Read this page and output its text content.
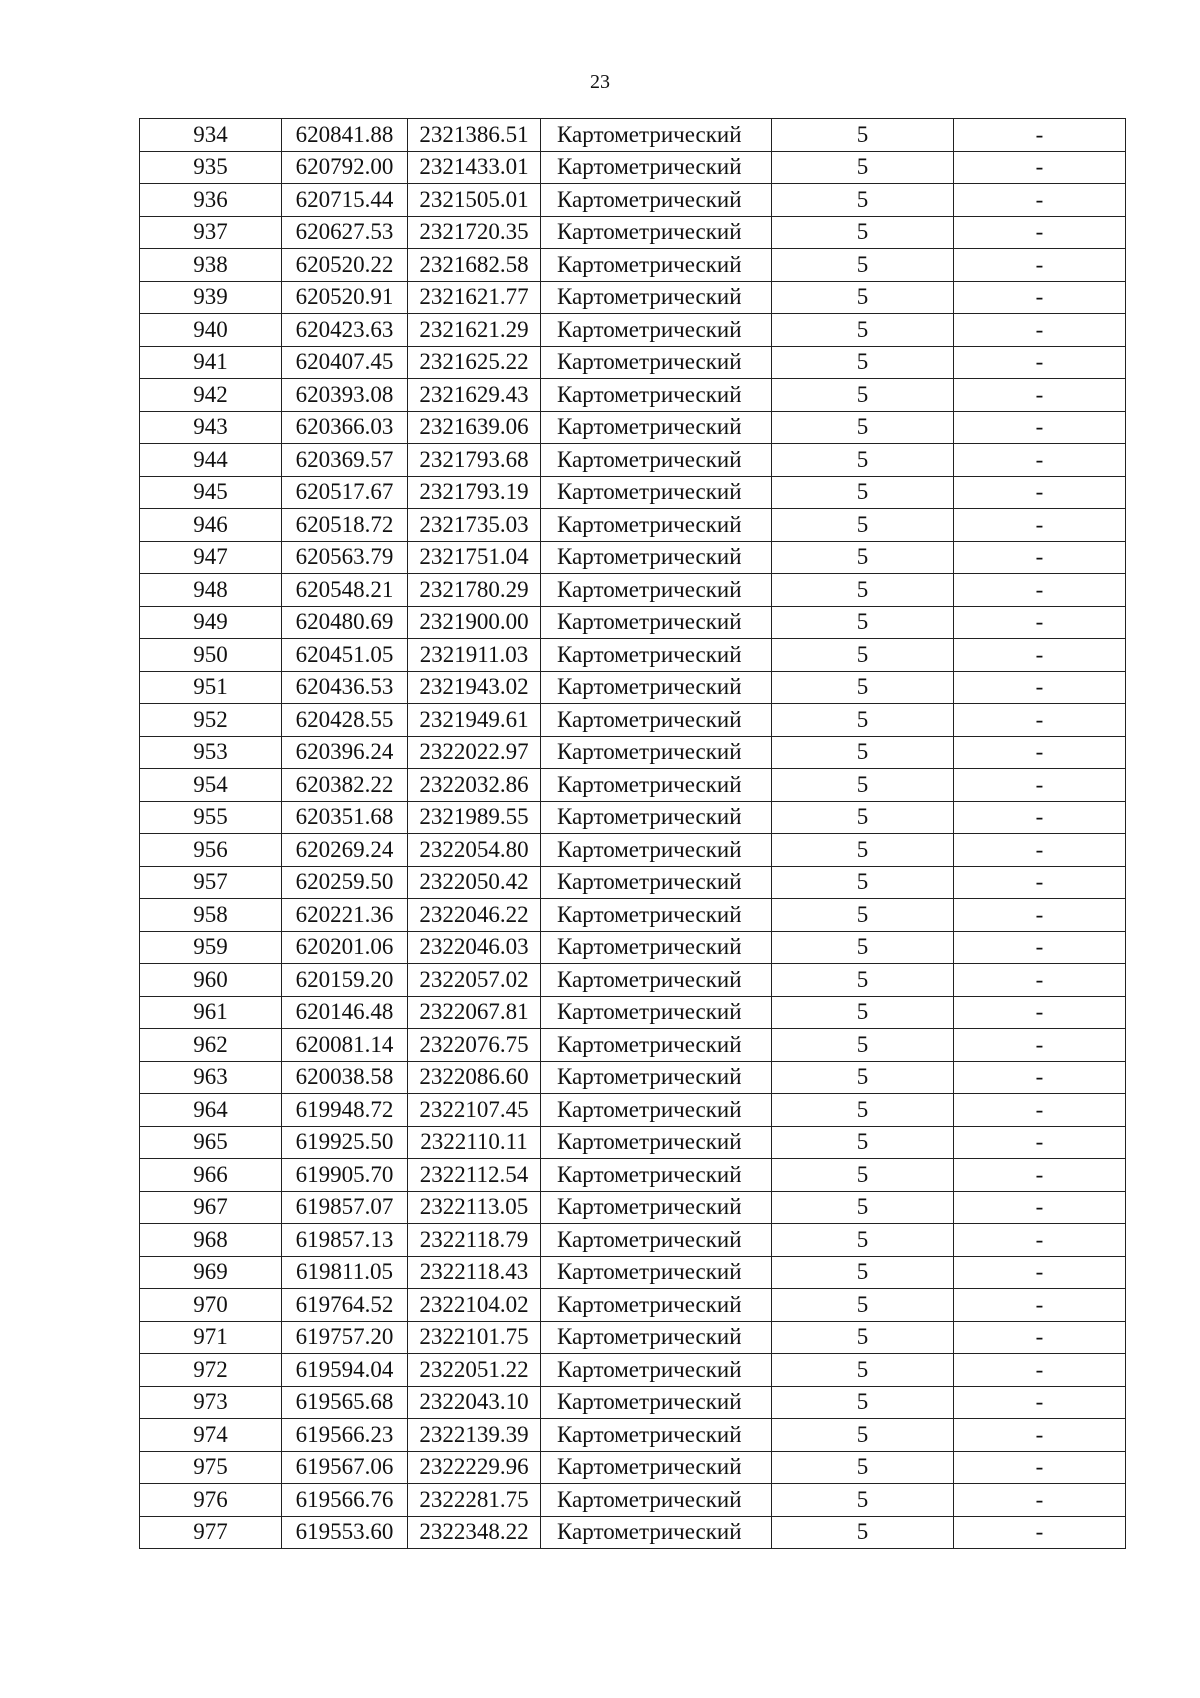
23
934	620841.88	2321386.51	Картометрический	5	-
935	620792.00	2321433.01	Картометрический	5	-
936	620715.44	2321505.01	Картометрический	5	-
937	620627.53	2321720.35	Картометрический	5	-
938	620520.22	2321682.58	Картометрический	5	-
939	620520.91	2321621.77	Картометрический	5	-
940	620423.63	2321621.29	Картометрический	5	-
941	620407.45	2321625.22	Картометрический	5	-
942	620393.08	2321629.43	Картометрический	5	-
943	620366.03	2321639.06	Картометрический	5	-
944	620369.57	2321793.68	Картометрический	5	-
945	620517.67	2321793.19	Картометрический	5	-
946	620518.72	2321735.03	Картометрический	5	-
947	620563.79	2321751.04	Картометрический	5	-
948	620548.21	2321780.29	Картометрический	5	-
949	620480.69	2321900.00	Картометрический	5	-
950	620451.05	2321911.03	Картометрический	5	-
951	620436.53	2321943.02	Картометрический	5	-
952	620428.55	2321949.61	Картометрический	5	-
953	620396.24	2322022.97	Картометрический	5	-
954	620382.22	2322032.86	Картометрический	5	-
955	620351.68	2321989.55	Картометрический	5	-
956	620269.24	2322054.80	Картометрический	5	-
957	620259.50	2322050.42	Картометрический	5	-
958	620221.36	2322046.22	Картометрический	5	-
959	620201.06	2322046.03	Картометрический	5	-
960	620159.20	2322057.02	Картометрический	5	-
961	620146.48	2322067.81	Картометрический	5	-
962	620081.14	2322076.75	Картометрический	5	-
963	620038.58	2322086.60	Картометрический	5	-
964	619948.72	2322107.45	Картометрический	5	-
965	619925.50	2322110.11	Картометрический	5	-
966	619905.70	2322112.54	Картометрический	5	-
967	619857.07	2322113.05	Картометрический	5	-
968	619857.13	2322118.79	Картометрический	5	-
969	619811.05	2322118.43	Картометрический	5	-
970	619764.52	2322104.02	Картометрический	5	-
971	619757.20	2322101.75	Картометрический	5	-
972	619594.04	2322051.22	Картометрический	5	-
973	619565.68	2322043.10	Картометрический	5	-
974	619566.23	2322139.39	Картометрический	5	-
975	619567.06	2322229.96	Картометрический	5	-
976	619566.76	2322281.75	Картометрический	5	-
977	619553.60	2322348.22	Картометрический	5	-
